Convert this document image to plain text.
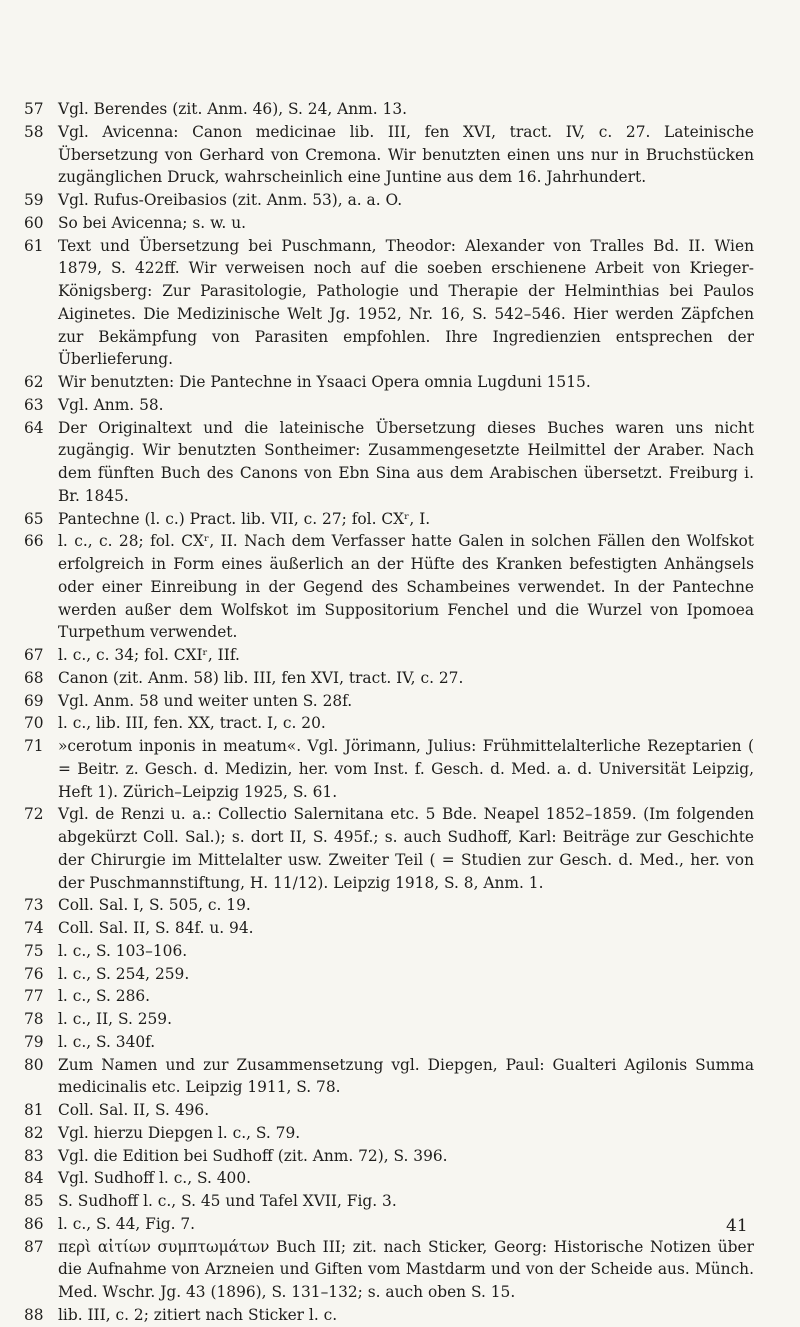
57 Vgl. Berendes (zit. Anm. 46), S. 24, Anm. 13.
58 Vgl. Avicenna: Canon medicinae lib. III, fen XVI, tract. IV, c. 27. Lateinische Übersetzung von Gerhard von Cremona. Wir benutzten einen uns nur in Bruchstücken zugänglichen Druck, wahrscheinlich eine Juntine aus dem 16. Jahrhundert.
59 Vgl. Rufus-Oreibasios (zit. Anm. 53), a. a. O.
60 So bei Avicenna; s. w. u.
61 Text und Übersetzung bei Puschmann, Theodor: Alexander von Tralles Bd. II. Wien 1879, S. 422ff. Wir verweisen noch auf die soeben erschienene Arbeit von Krieger-Königsberg: Zur Parasitologie, Pathologie und Therapie der Helminthias bei Paulos Aiginetes. Die Medizinische Welt Jg. 1952, Nr. 16, S. 542–546. Hier werden Zäpfchen zur Bekämpfung von Parasiten empfohlen. Ihre Ingredienzien entsprechen der Überlieferung.
62 Wir benutzten: Die Pantechne in Ysaaci Opera omnia Lugduni 1515.
63 Vgl. Anm. 58.
64 Der Originaltext und die lateinische Übersetzung dieses Buches waren uns nicht zugängig. Wir benutzten Sontheimer: Zusammengesetzte Heilmittel der Araber. Nach dem fünften Buch des Canons von Ebn Sina aus dem Arabischen übersetzt. Freiburg i. Br. 1845.
65 Pantechne (l. c.) Pract. lib. VII, c. 27; fol. CXʳ, I.
66 l. c., c. 28; fol. CXʳ, II. Nach dem Verfasser hatte Galen in solchen Fällen den Wolfskot erfolgreich in Form eines äußerlich an der Hüfte des Kranken befestigten Anhängsels oder einer Einreibung in der Gegend des Schambeines verwendet. In der Pantechne werden außer dem Wolfskot im Suppositorium Fenchel und die Wurzel von Ipomoea Turpethum verwendet.
67 l. c., c. 34; fol. CXIʳ, IIf.
68 Canon (zit. Anm. 58) lib. III, fen XVI, tract. IV, c. 27.
69 Vgl. Anm. 58 und weiter unten S. 28f.
70 l. c., lib. III, fen. XX, tract. I, c. 20.
71 »cerotum inponis in meatum«. Vgl. Jörimann, Julius: Frühmittelalterliche Rezeptarien ( = Beitr. z. Gesch. d. Medizin, her. vom Inst. f. Gesch. d. Med. a. d. Universität Leipzig, Heft 1). Zürich–Leipzig 1925, S. 61.
72 Vgl. de Renzi u. a.: Collectio Salernitana etc. 5 Bde. Neapel 1852–1859. (Im folgenden abgekürzt Coll. Sal.); s. dort II, S. 495f.; s. auch Sudhoff, Karl: Beiträge zur Geschichte der Chirurgie im Mittelalter usw. Zweiter Teil ( = Studien zur Gesch. d. Med., her. von der Puschmannstiftung, H. 11/12). Leipzig 1918, S. 8, Anm. 1.
73 Coll. Sal. I, S. 505, c. 19.
74 Coll. Sal. II, S. 84f. u. 94.
75 l. c., S. 103–106.
76 l. c., S. 254, 259.
77 l. c., S. 286.
78 l. c., II, S. 259.
79 l. c., S. 340f.
80 Zum Namen und zur Zusammensetzung vgl. Diepgen, Paul: Gualteri Agilonis Summa medicinalis etc. Leipzig 1911, S. 78.
81 Coll. Sal. II, S. 496.
82 Vgl. hierzu Diepgen l. c., S. 79.
83 Vgl. die Edition bei Sudhoff (zit. Anm. 72), S. 396.
84 Vgl. Sudhoff l. c., S. 400.
85 S. Sudhoff l. c., S. 45 und Tafel XVII, Fig. 3.
86 l. c., S. 44, Fig. 7.
87 περὶ αἰτίων συμπτωμάτων Buch III; zit. nach Sticker, Georg: Historische Notizen über die Aufnahme von Arzneien und Giften vom Mastdarm und von der Scheide aus. Münch. Med. Wschr. Jg. 43 (1896), S. 131–132; s. auch oben S. 15.
88 lib. III, c. 2; zitiert nach Sticker l. c.
41
